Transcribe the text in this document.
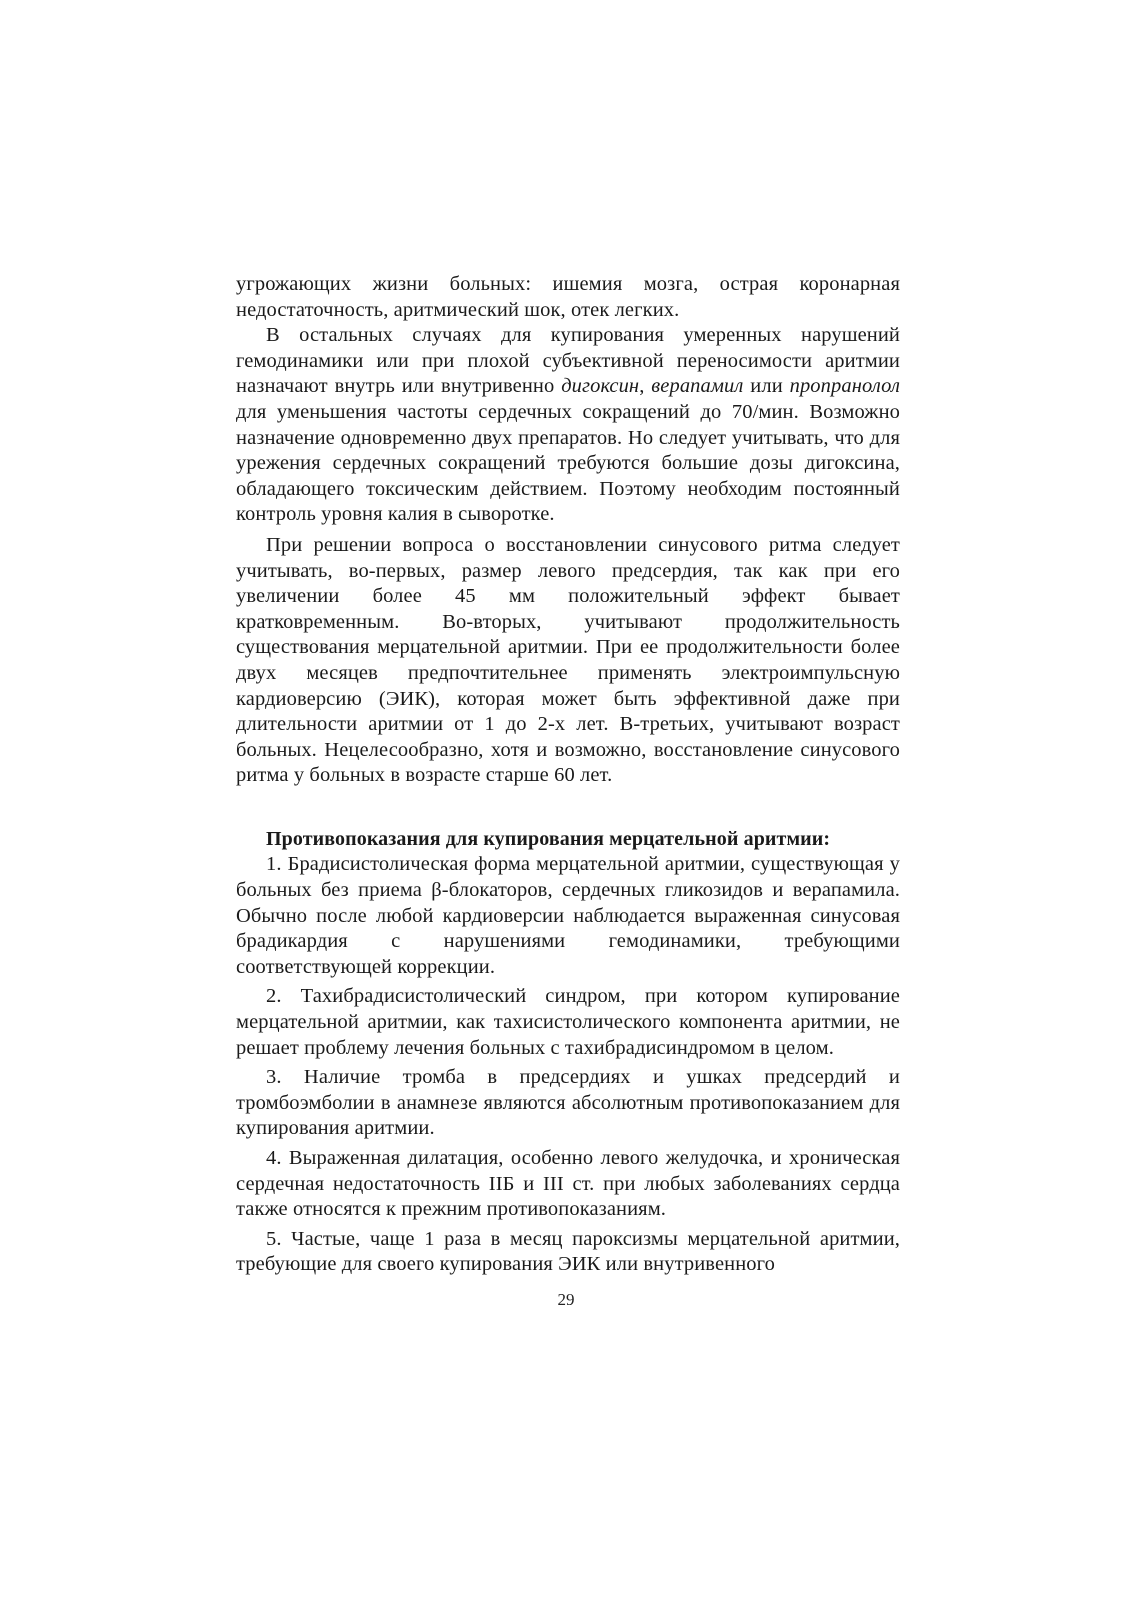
угрожающих жизни больных: ишемия мозга, острая коронарная недостаточность, аритмический шок, отек легких.

В остальных случаях для купирования умеренных нарушений гемодинамики или при плохой субъективной переносимости аритмии назначают внутрь или внутривенно дигоксин, верапамил или пропранолол для уменьшения частоты сердечных сокращений до 70/мин. Возможно назначение одновременно двух препаратов. Но следует учитывать, что для урежения сердечных сокращений требуются большие дозы дигоксина, обладающего токсическим действием. Поэтому необходим постоянный контроль уровня калия в сыворотке.

При решении вопроса о восстановлении синусового ритма следует учитывать, во-первых, размер левого предсердия, так как при его увеличении более 45 мм положительный эффект бывает кратковременным. Во-вторых, учитывают продолжительность существования мерцательной аритмии. При ее продолжительности более двух месяцев предпочтительнее применять электроимпульсную кардиоверсию (ЭИК), которая может быть эффективной даже при длительности аритмии от 1 до 2-х лет. В-третьих, учитывают возраст больных. Нецелесообразно, хотя и возможно, восстановление синусового ритма у больных в возрасте старше 60 лет.

Противопоказания для купирования мерцательной аритмии:

1. Брадисистолическая форма мерцательной аритмии, существующая у больных без приема β-блокаторов, сердечных гликозидов и верапамила. Обычно после любой кардиоверсии наблюдается выраженная синусовая брадикардия с нарушениями гемодинамики, требующими соответствующей коррекции.

2. Тахибрадисистолический синдром, при котором купирование мерцательной аритмии, как тахисистолического компонента аритмии, не решает проблему лечения больных с тахибрадисиндромом в целом.

3. Наличие тромба в предсердиях и ушках предсердий и тромбоэмболии в анамнезе являются абсолютным противопоказанием для купирования аритмии.

4. Выраженная дилатация, особенно левого желудочка, и хроническая сердечная недостаточность IIБ и III ст. при любых заболеваниях сердца также относятся к прежним противопоказаниям.

5. Частые, чаще 1 раза в месяц пароксизмы мерцательной аритмии, требующие для своего купирования ЭИК или внутривенного

29
